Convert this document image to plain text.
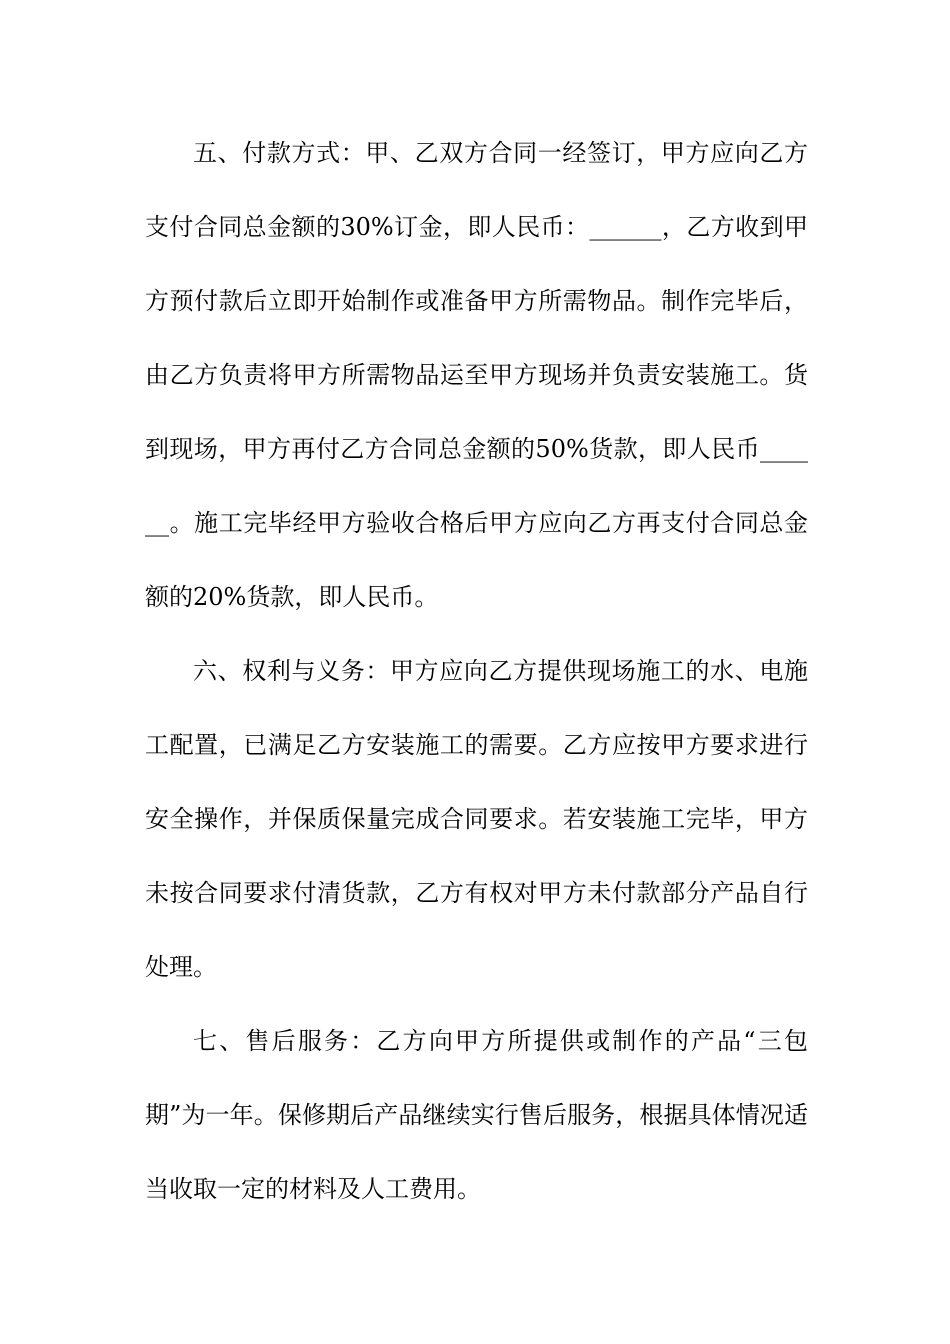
五、付款方式：甲、乙双方合同一经签订，甲方应向乙方支付合同总金额的30%订金，即人民币：______，乙方收到甲方预付款后立即开始制作或准备甲方所需物品。制作完毕后，由乙方负责将甲方所需物品运至甲方现场并负责安装施工。货到现场，甲方再付乙方合同总金额的50%货款，即人民币______。施工完毕经甲方验收合格后甲方应向乙方再支付合同总金额的20%货款，即人民币。

六、权利与义务：甲方应向乙方提供现场施工的水、电施工配置，已满足乙方安装施工的需要。乙方应按甲方要求进行安全操作，并保质保量完成合同要求。若安装施工完毕，甲方未按合同要求付清货款，乙方有权对甲方未付款部分产品自行处理。

七、售后服务：乙方向甲方所提供或制作的产品“三包期”为一年。保修期后产品继续实行售后服务，根据具体情况适当收取一定的材料及人工费用。
